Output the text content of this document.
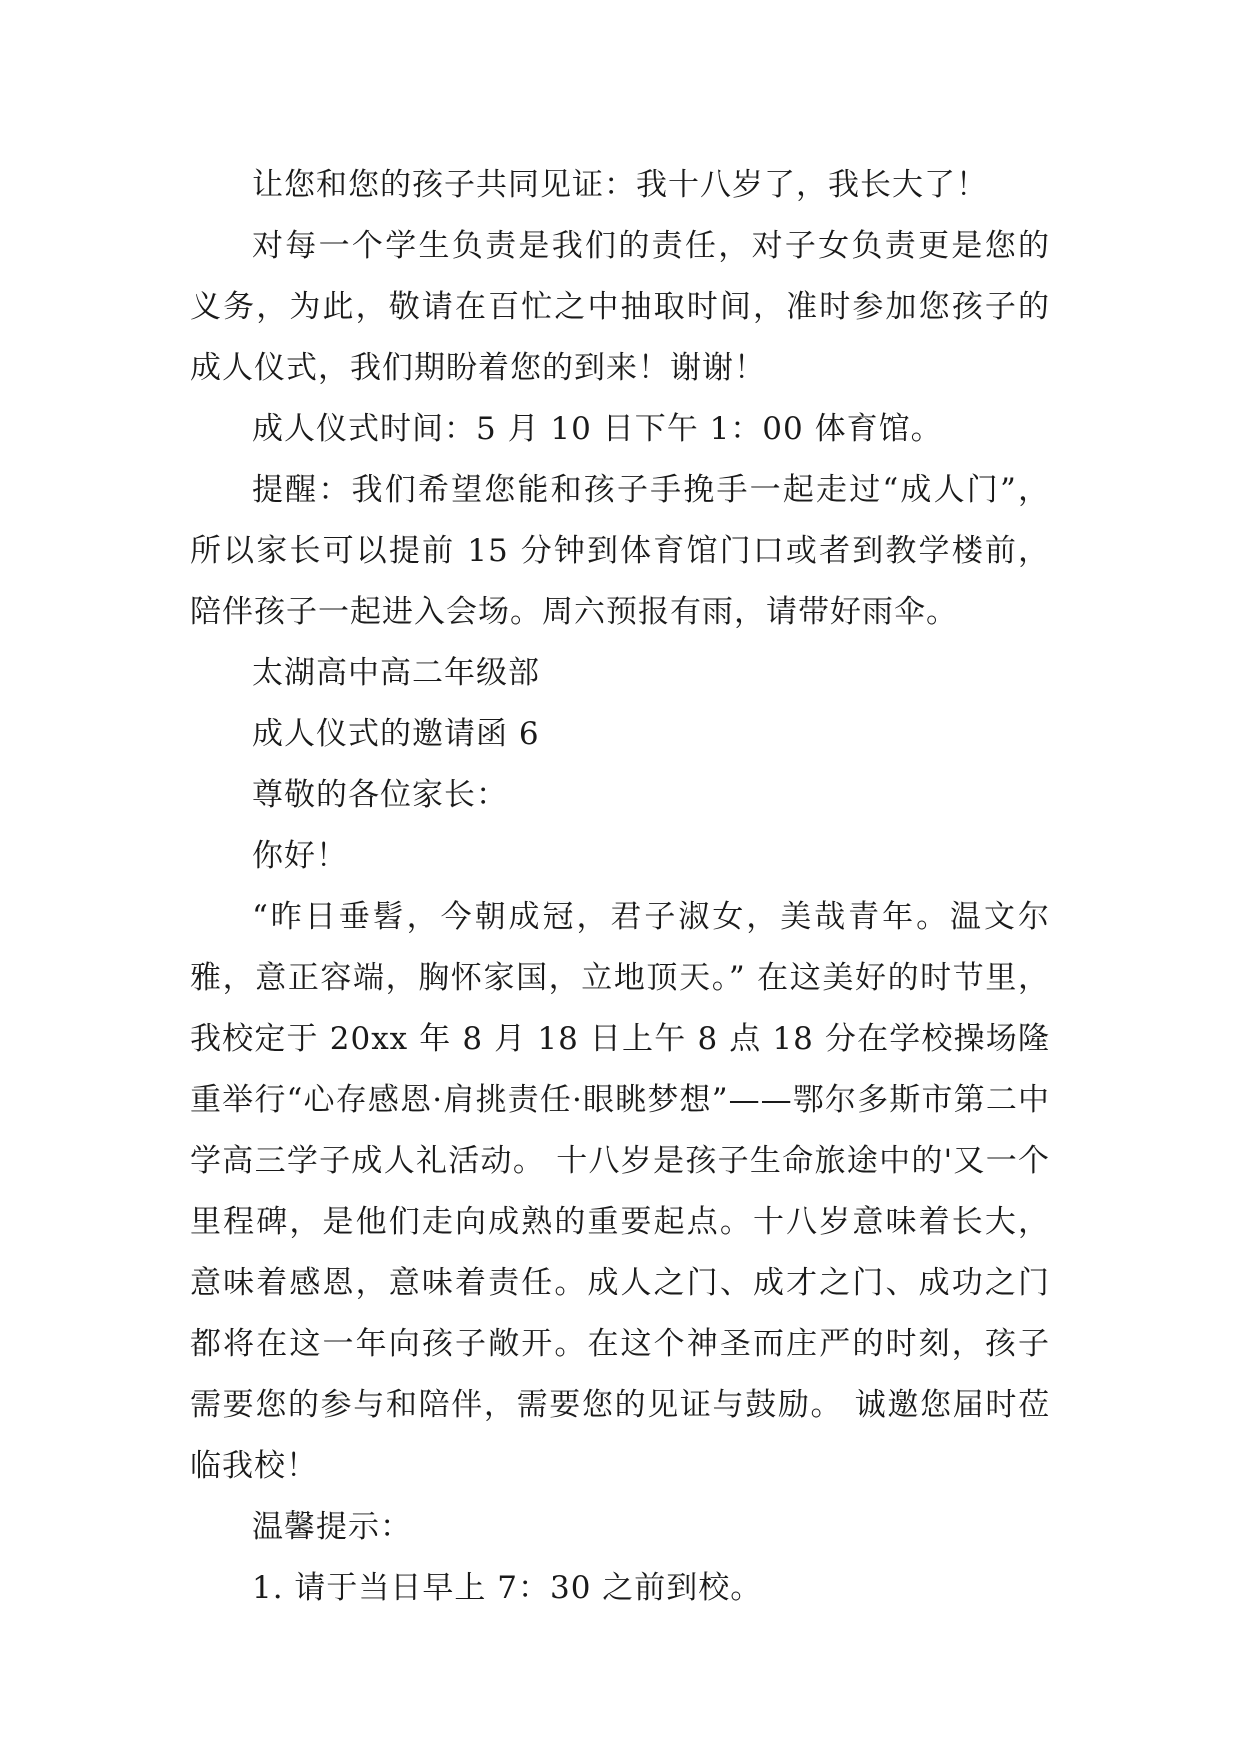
让您和您的孩子共同见证：我十八岁了，我长大了！

对每一个学生负责是我们的责任，对子女负责更是您的义务，为此，敬请在百忙之中抽取时间，准时参加您孩子的成人仪式，我们期盼着您的到来！谢谢！

成人仪式时间：5 月 10 日下午 1：00 体育馆。

提醒：我们希望您能和孩子手挽手一起走过“成人门”，所以家长可以提前 15 分钟到体育馆门口或者到教学楼前，陪伴孩子一起进入会场。周六预报有雨，请带好雨伞。

太湖高中高二年级部

成人仪式的邀请函 6

尊敬的各位家长：

你好！

“昨日垂髫，今朝成冠，君子淑女，美哉青年。温文尔雅，意正容端，胸怀家国，立地顶天。” 在这美好的时节里，我校定于 20xx 年 8 月 18 日上午 8 点 18 分在学校操场隆重举行“心存感恩·肩挑责任·眼眺梦想”——鄂尔多斯市第二中学高三学子成人礼活动。 十八岁是孩子生命旅途中的'又一个里程碑，是他们走向成熟的重要起点。十八岁意味着长大，意味着感恩，意味着责任。成人之门、成才之门、成功之门都将在这一年向孩子敞开。在这个神圣而庄严的时刻，孩子需要您的参与和陪伴，需要您的见证与鼓励。 诚邀您届时莅临我校！

温馨提示：

1. 请于当日早上 7：30 之前到校。
